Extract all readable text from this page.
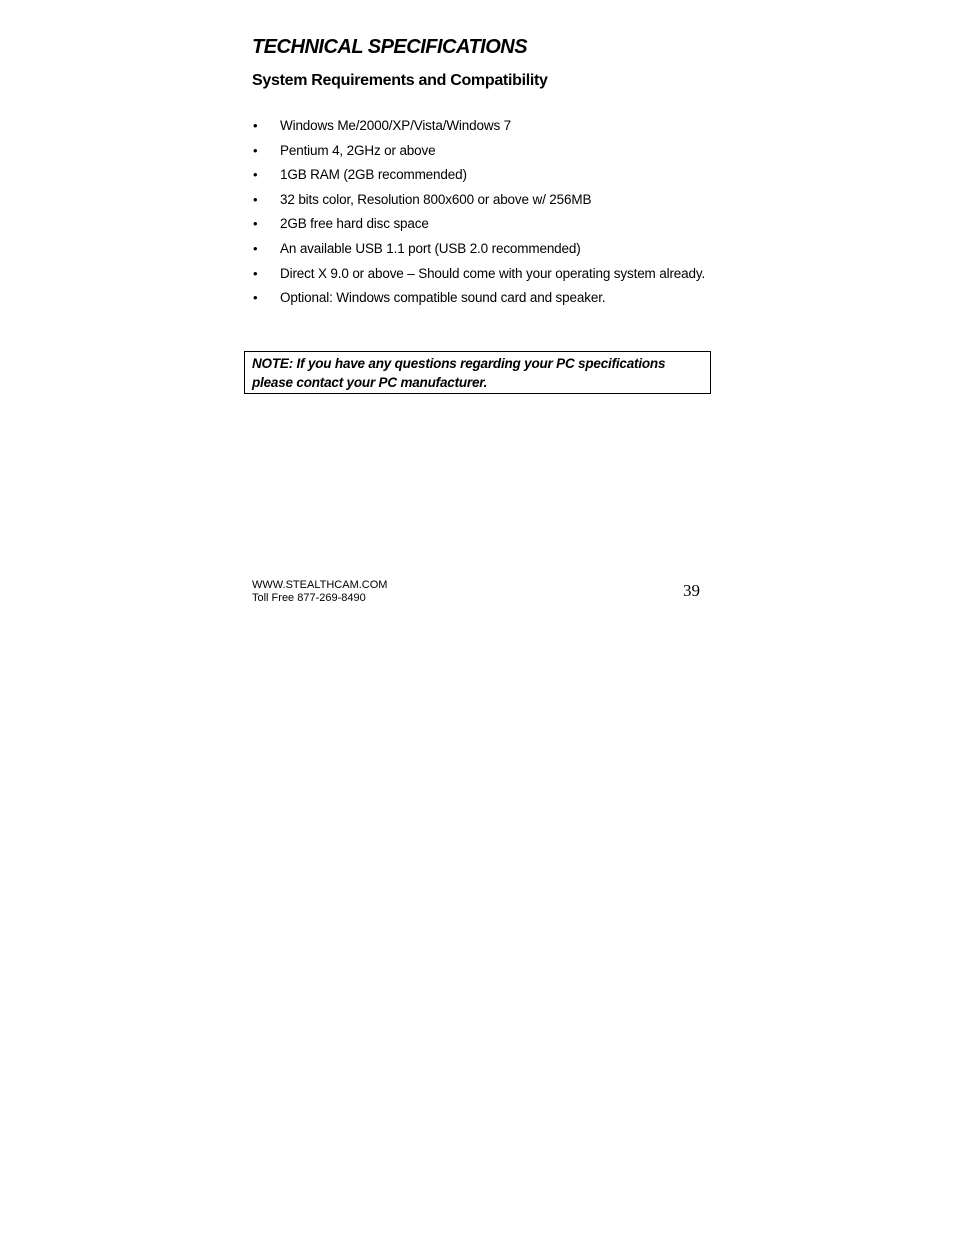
TECHNICAL SPECIFICATIONS
System Requirements and Compatibility
• Windows Me/2000/XP/Vista/Windows 7
• Pentium 4, 2GHz or above
• 1GB RAM (2GB recommended)
• 32 bits color, Resolution 800x600 or above w/ 256MB
• 2GB free hard disc space
• An available USB 1.1 port (USB 2.0 recommended)
• Direct X 9.0 or above – Should come with your operating system already.
• Optional: Windows compatible sound card and speaker.
NOTE: If you have any questions regarding your PC specifications please contact your PC manufacturer.
WWW.STEALTHCAM.COM
Toll Free 877-269-8490	39
